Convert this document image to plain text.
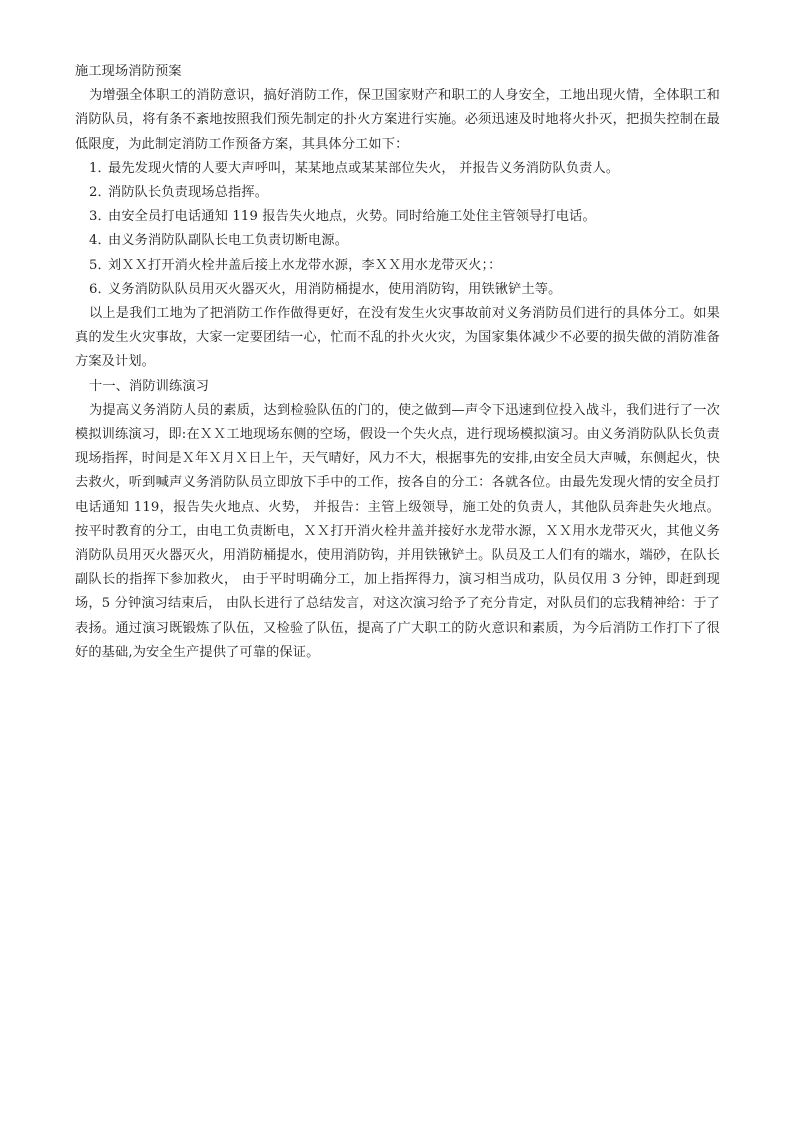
施工现场消防预案

为增强全体职工的消防意识，搞好消防工作，保卫国家财产和职工的人身安全，工地出现火情，全体职工和消防队员，将有条不紊地按照我们预先制定的扑火方案进行实施。必须迅速及时地将火扑灭，把损失控制在最低限度，为此制定消防工作预备方案，其具体分工如下：

1．最先发现火情的人要大声呼叫，某某地点或某某部位失火， 并报告义务消防队负责人。
2．消防队长负责现场总指挥。
3．由安全员打电话通知 119 报告失火地点，火势。同时给施工处住主管领导打电话。
4．由义务消防队副队长电工负责切断电源。
5．刘ＸＸ打开消火栓井盖后接上水龙带水源，李ＸＸ用水龙带灭火；：
6．义务消防队队员用灭火器灭火，用消防桶提水，使用消防钩，用铁锹铲土等。

以上是我们工地为了把消防工作作做得更好，在没有发生火灾事故前对义务消防员们进行的具体分工。如果真的发生火灾事故，大家一定要团结一心，忙而不乱的扑火火灾，为国家集体减少不必要的损失做的消防准备方案及计划。

十一、消防训练演习

为提高义务消防人员的素质，达到检验队伍的门的，使之做到—声令下迅速到位投入战斗，我们进行了一次模拟训练演习，即:在ＸＸ工地现场东侧的空场，假设一个失火点，进行现场模拟演习。由义务消防队队长负责现场指挥，时间是Ｘ年Ｘ月Ｘ日上午，天气晴好，风力不大，根据事先的安排,由安全员大声喊，东侧起火，快去救火，听到喊声义务消防队员立即放下手中的工作，按各自的分工：各就各位。由最先发现火情的安全员打电话通知 119，报告失火地点、火势， 并报告：主管上级领导，施工处的负责人，其他队员奔赴失火地点。按平时教育的分工，由电工负责断电，ＸＸ打开消火栓井盖并接好水龙带水源，ＸＸ用水龙带灭火，其他义务消防队员用灭火器灭火，用消防桶提水，使用消防钩，并用铁锹铲土。队员及工人们有的端水，端砂，在队长副队长的指挥下参加救火， 由于平时明确分工，加上指挥得力，演习相当成功，队员仅用 3 分钟，即赶到现场，5 分钟演习结束后， 由队长进行了总结发言，对这次演习给予了充分肯定，对队员们的忘我精神给：于了表扬。通过演习既锻炼了队伍，又检验了队伍，提高了广大职工的防火意识和素质，为今后消防工作打下了很好的基础,为安全生产提供了可靠的保证。
